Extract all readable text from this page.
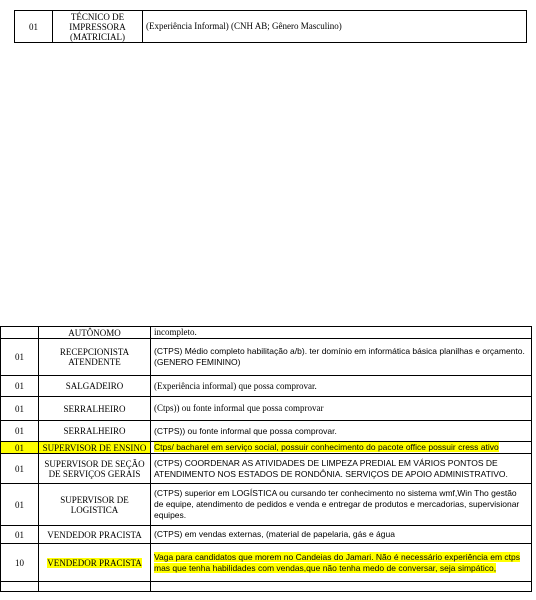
01	TÉCNICO DE IMPRESSORA (MATRICIAL)	(Experiência Informal) (CNH AB; Gênero Masculino)
	AUTÔNOMO	incompleto.
01	RECEPCIONISTA ATENDENTE	(CTPS) Médio completo habilitação a/b). ter domínio em informática básica planilhas e orçamento.(GENERO FEMININO)
01	SALGADEIRO	(Experiência informal) que possa comprovar.
01	SERRALHEIRO	(Ctps)) ou fonte informal que possa comprovar
01	SERRALHEIRO	(CTPS)) ou fonte informal que possa comprovar.
01	SUPERVISOR DE ENSINO	Ctps/ bacharel em serviço social, possuir conhecimento do pacote office possuir cress ativo
01	SUPERVISOR DE SEÇÃO DE SERVIÇOS GERAIS	(CTPS) COORDENAR AS ATIVIDADES DE LIMPEZA PREDIAL EM VÁRIOS PONTOS DE ATENDIMENTO NOS ESTADOS DE RONDÔNIA. SERVIÇOS DE APOIO ADMINISTRATIVO.
01	SUPERVISOR DE LOGISTICA	(CTPS) superior em LOGÍSTICA ou cursando ter conhecimento no sistema wmf,Win Tho gestão de equipe, atendimento de pedidos e venda e entregar de produtos e mercadorias, supervisionar equipes.
01	VENDEDOR PRACISTA	(CTPS) em vendas externas, (material de papelaria, gás e água
10	VENDEDOR PRACISTA	Vaga para candidatos que morem no Candeias do Jamari. Não é necessário experiência em ctps mas que tenha habilidades com vendas,que não tenha medo de conversar, seja simpático,
